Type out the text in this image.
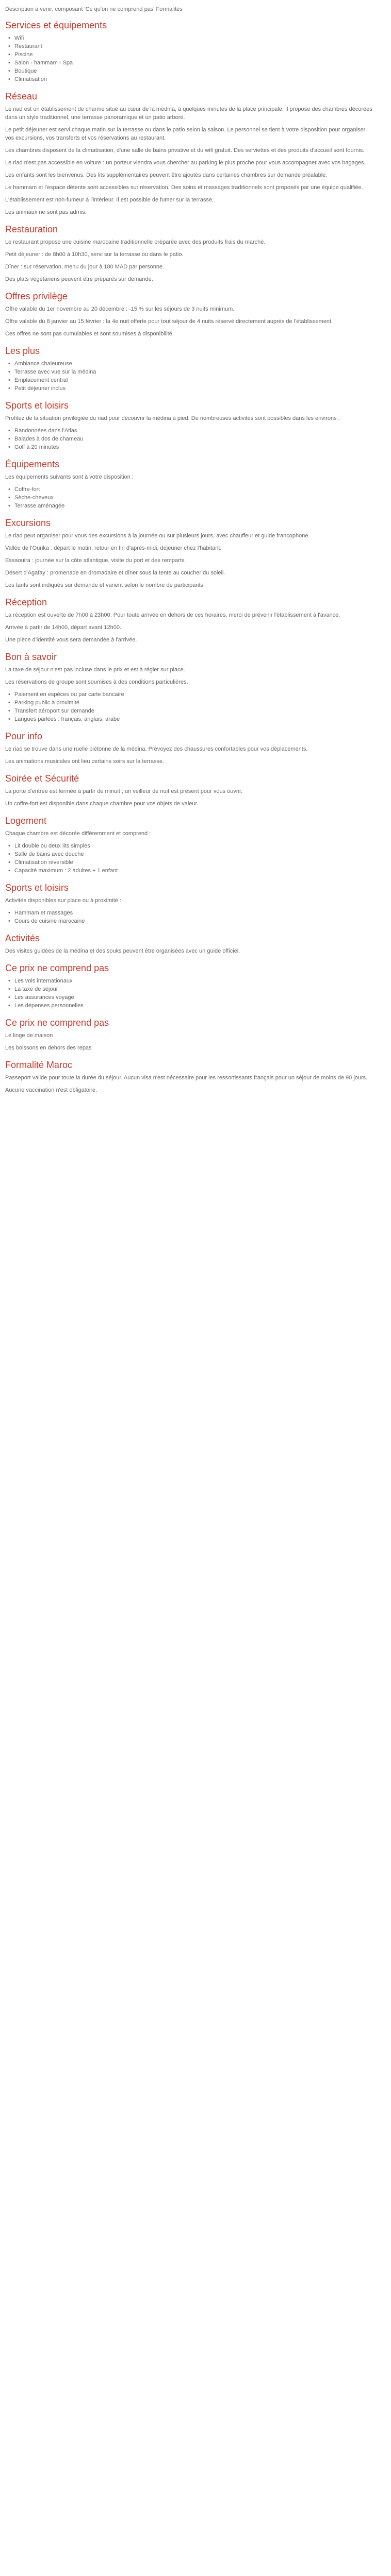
Description à venir, composant 'Ce qu'on ne comprend pas' Formalités

Services et équipements
• Wifi
• Restaurant
• Piscine
• Salon - hammam - Spa
• Boutique
• Climatisation
Réseau

Le riad est un établissement de charme situé au cœur de la médina, à quelques minutes de la place principale. Il propose des chambres décorées dans un style traditionnel, une terrasse panoramique et un patio arboré.

Le petit déjeuner est servi chaque matin sur la terrasse ou dans le patio selon la saison. Le personnel se tient à votre disposition pour organiser vos excursions, vos transferts et vos réservations au restaurant.

Les chambres disposent de la climatisation, d'une salle de bains privative et du wifi gratuit. Des serviettes et des produits d'accueil sont fournis.

Le riad n'est pas accessible en voiture : un porteur viendra vous chercher au parking le plus proche pour vous accompagner avec vos bagages.

Les enfants sont les bienvenus. Des lits supplémentaires peuvent être ajoutés dans certaines chambres sur demande préalable.

Le hammam et l'espace détente sont accessibles sur réservation. Des soins et massages traditionnels sont proposés par une équipe qualifiée.

L'établissement est non-fumeur à l'intérieur. Il est possible de fumer sur la terrasse.

Les animaux ne sont pas admis.

Restauration

Le restaurant propose une cuisine marocaine traditionnelle préparée avec des produits frais du marché.

Petit déjeuner : de 8h00 à 10h30, servi sur la terrasse ou dans le patio.

Dîner : sur réservation, menu du jour à 180 MAD par personne.

Des plats végétariens peuvent être préparés sur demande.

Offres privilège

Offre valable du 1er novembre au 20 décembre : -15 % sur les séjours de 3 nuits minimum.

Offre valable du 8 janvier au 15 février : la 4e nuit offerte pour tout séjour de 4 nuits réservé directement auprès de l'établissement.

Ces offres ne sont pas cumulables et sont soumises à disponibilité.

Les plus
• Ambiance chaleureuse
• Terrasse avec vue sur la médina
• Emplacement central
• Petit déjeuner inclus
Sports et loisirs

Profitez de la situation privilégiée du riad pour découvrir la médina à pied. De nombreuses activités sont possibles dans les environs :

• Randonnées dans l'Atlas
• Balades à dos de chameau
• Golf à 20 minutes
Équipements

Les équipements suivants sont à votre disposition :

• Coffre-fort
• Sèche-cheveux
• Terrasse aménagée
Excursions

Le riad peut organiser pour vous des excursions à la journée ou sur plusieurs jours, avec chauffeur et guide francophone.

Vallée de l'Ourika : départ le matin, retour en fin d'après-midi, déjeuner chez l'habitant.

Essaouira : journée sur la côte atlantique, visite du port et des remparts.

Désert d'Agafay : promenade en dromadaire et dîner sous la tente au coucher du soleil.

Les tarifs sont indiqués sur demande et varient selon le nombre de participants.

Réception

La réception est ouverte de 7h00 à 23h00. Pour toute arrivée en dehors de ces horaires, merci de prévenir l'établissement à l'avance.

Arrivée à partir de 14h00, départ avant 12h00.

Une pièce d'identité vous sera demandée à l'arrivée.

Bon à savoir

La taxe de séjour n'est pas incluse dans le prix et est à régler sur place.

Les réservations de groupe sont soumises à des conditions particulières.

• Paiement en espèces ou par carte bancaire
• Parking public à proximité
• Transfert aéroport sur demande
• Langues parlées : français, anglais, arabe
Pour info

Le riad se trouve dans une ruelle piétonne de la médina. Prévoyez des chaussures confortables pour vos déplacements.

Les animations musicales ont lieu certains soirs sur la terrasse.

Soirée et Sécurité

La porte d'entrée est fermée à partir de minuit ; un veilleur de nuit est présent pour vous ouvrir.

Un coffre-fort est disponible dans chaque chambre pour vos objets de valeur.

Logement

Chaque chambre est décorée différemment et comprend :

• Lit double ou deux lits simples
• Salle de bains avec douche
• Climatisation réversible
• Capacité maximum : 2 adultes + 1 enfant
Sports et loisirs

Activités disponibles sur place ou à proximité :

• Hammam et massages
• Cours de cuisine marocaine
Activités

Des visites guidées de la médina et des souks peuvent être organisées avec un guide officiel.

Ce prix ne comprend pas
• Les vols internationaux
• La taxe de séjour
• Les assurances voyage
• Les dépenses personnelles
Ce prix ne comprend pas

Le linge de maison

Les boissons en dehors des repas

Formalité Maroc

Passeport valide pour toute la durée du séjour. Aucun visa n'est nécessaire pour les ressortissants français pour un séjour de moins de 90 jours.

Aucune vaccination n'est obligatoire.
